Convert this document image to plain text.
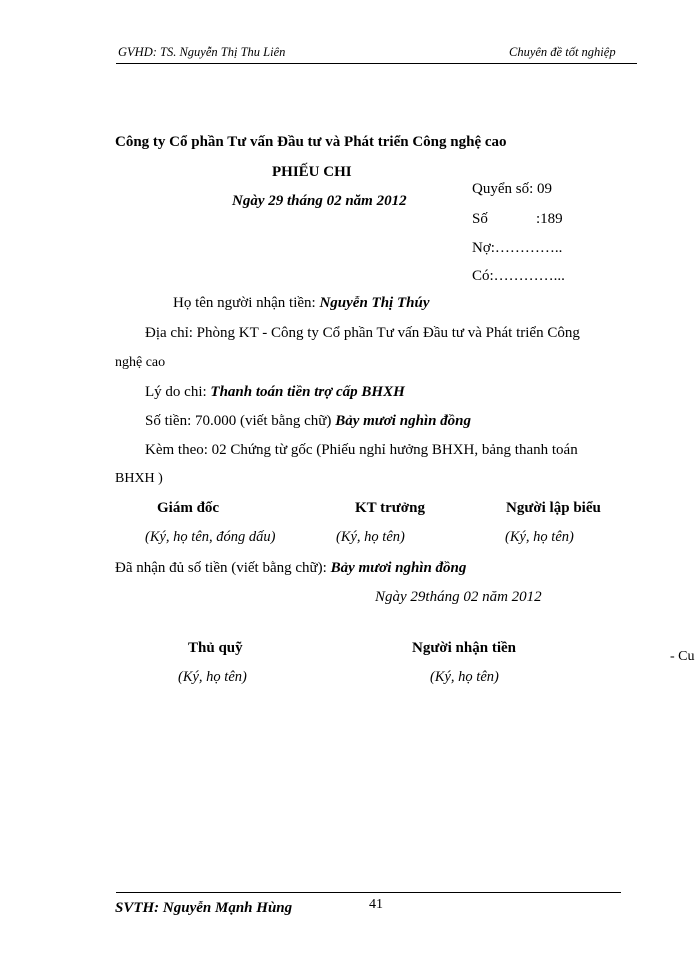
GVHD: TS. Nguyễn Thị Thu Liên	Chuyên đề tốt nghiệp
Công ty Cổ phần Tư vấn Đầu tư và Phát triển Công nghệ cao
PHIẾU CHI
Ngày 29 tháng 02 năm 2012
Quyển số: 09
Số	:189
Nợ:…………..
Có:…………...
Họ tên người nhận tiền: Nguyễn Thị Thúy
Địa chỉ: Phòng KT - Công ty Cổ phần Tư vấn Đầu tư và Phát triển Công
nghệ cao
Lý do chi: Thanh toán tiền trợ cấp BHXH
Số tiền: 70.000 (viết bằng chữ) Bảy mươi nghìn đồng
Kèm theo: 02 Chứng từ gốc (Phiếu nghỉ hưởng BHXH, bảng thanh toán
BHXH )
Giám đốc
(Ký, họ tên, đóng dấu)
KT trưởng
(Ký, họ tên)
Người lập biểu
(Ký, họ tên)
Đã nhận đủ số tiền (viết bằng chữ): Bảy mươi nghìn đồng
Ngày 29tháng 02 năm 2012
Thủ quỹ
(Ký, họ tên)
Người nhận tiền
(Ký, họ tên)
- Cu
41
SVTH: Nguyễn Mạnh Hùng
